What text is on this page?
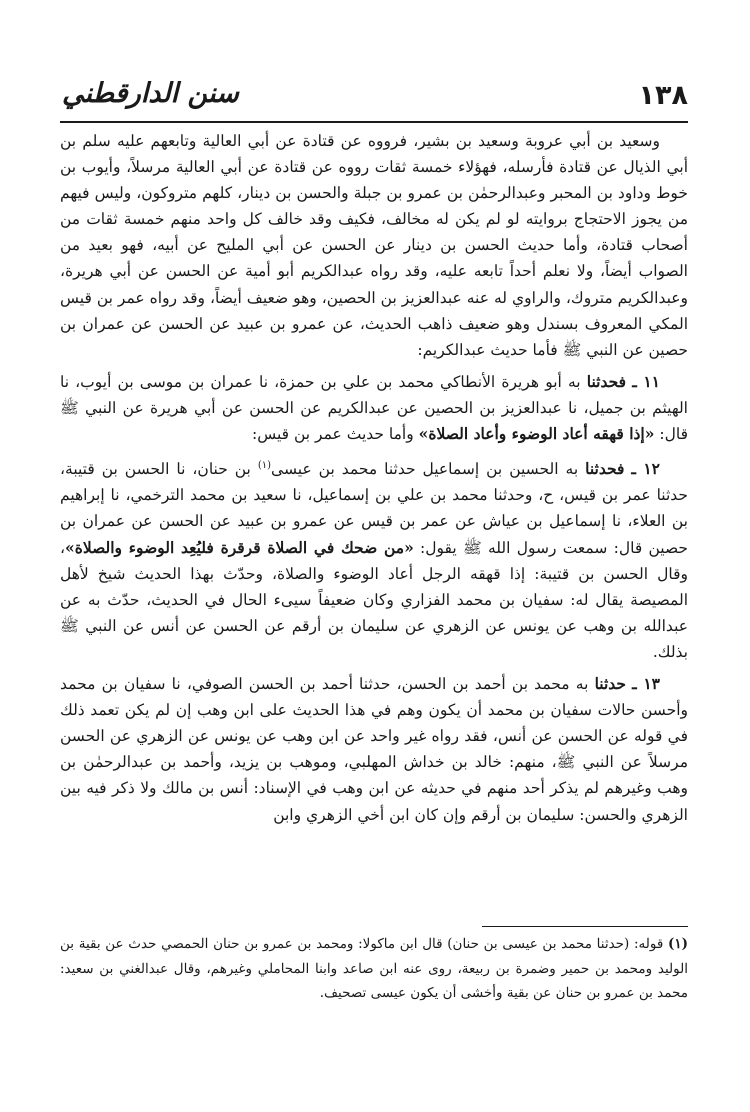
١٣٨
سنن الدارقطني

وسعيد بن أبي عروبة وسعيد بن بشير، فرووه عن قتادة عن أبي العالية وتابعهم عليه سلم بن أبي الذيال عن قتادة فأرسله، فهؤلاء خمسة ثقات رووه عن قتادة عن أبي العالية مرسلاً، وأيوب بن خوط وداود بن المحبر وعبدالرحمٰن بن عمرو بن جبلة والحسن بن دينار، كلهم متروكون، وليس فيهم من يجوز الاحتجاج بروايته لو لم يكن له مخالف، فكيف وقد خالف كل واحد منهم خمسة ثقات من أصحاب قتادة، وأما حديث الحسن بن دينار عن الحسن عن أبي المليح عن أبيه، فهو بعيد من الصواب أيضاً، ولا نعلم أحداً تابعه عليه، وقد رواه عبدالكريم أبو أمية عن الحسن عن أبي هريرة، وعبدالكريم متروك، والراوي له عنه عبدالعزيز بن الحصين، وهو ضعيف أيضاً، وقد رواه عمر بن قيس المكي المعروف بسندل وهو ضعيف ذاهب الحديث، عن عمرو بن عبيد عن الحسن عن عمران بن حصين عن النبي ﷺ فأما حديث عبدالكريم:

١١ ـ فحدثنا به أبو هريرة الأنطاكي محمد بن علي بن حمزة، نا عمران بن موسى بن أيوب، نا الهيثم بن جميل، نا عبدالعزيز بن الحصين عن عبدالكريم عن الحسن عن أبي هريرة عن النبي ﷺ قال: «إذا قهقه أعاد الوضوء وأعاد الصلاة» وأما حديث عمر بن قيس:

١٢ ـ فحدثنا به الحسين بن إسماعيل حدثنا محمد بن عيسى$^{(١)}$ بن حنان، نا الحسن بن قتيبة، حدثنا عمر بن قيس، ح، وحدثنا محمد بن علي بن إسماعيل، نا سعيد بن محمد الترخمي، نا إبراهيم بن العلاء، نا إسماعيل بن عياش عن عمر بن قيس عن عمرو بن عبيد عن الحسن عن عمران بن حصين قال: سمعت رسول الله ﷺ يقول: «من ضحك في الصلاة قرقرة فليُعِد الوضوء والصلاة»، وقال الحسن بن قتيبة: إذا قهقه الرجل أعاد الوضوء والصلاة، وحدّث بهذا الحديث شيخ لأهل المصيصة يقال له: سفيان بن محمد الفزاري وكان ضعيفاً سيىء الحال في الحديث، حدّث به عن عبدالله بن وهب عن يونس عن الزهري عن سليمان بن أرقم عن الحسن عن أنس عن النبي ﷺ بذلك.

١٣ ـ حدثنا به محمد بن أحمد بن الحسن، حدثنا أحمد بن الحسن الصوفي، نا سفيان بن محمد وأحسن حالات سفيان بن محمد أن يكون وهم في هذا الحديث على ابن وهب إن لم يكن تعمد ذلك في قوله عن الحسن عن أنس، فقد رواه غير واحد عن ابن وهب عن يونس عن الزهري عن الحسن مرسلاً عن النبي ﷺ، منهم: خالد بن خداش المهلبي، وموهب بن يزيد، وأحمد بن عبدالرحمٰن بن وهب وغيرهم لم يذكر أحد منهم في حديثه عن ابن وهب في الإسناد: أنس بن مالك ولا ذكر فيه بين الزهري والحسن: سليمان بن أرقم وإن كان ابن أخي الزهري وابن

(١) قوله: (حدثنا محمد بن عيسى بن حنان) قال ابن ماكولا: ومحمد بن عمرو بن حنان الحمصي حدث عن بقية بن الوليد ومحمد بن حمير وضمرة بن ربيعة، روى عنه ابن صاعد وابنا المحاملي وغيرهم، وقال عبدالغني بن سعيد: محمد بن عمرو بن حنان عن بقية وأخشى أن يكون عيسى تصحيف.
